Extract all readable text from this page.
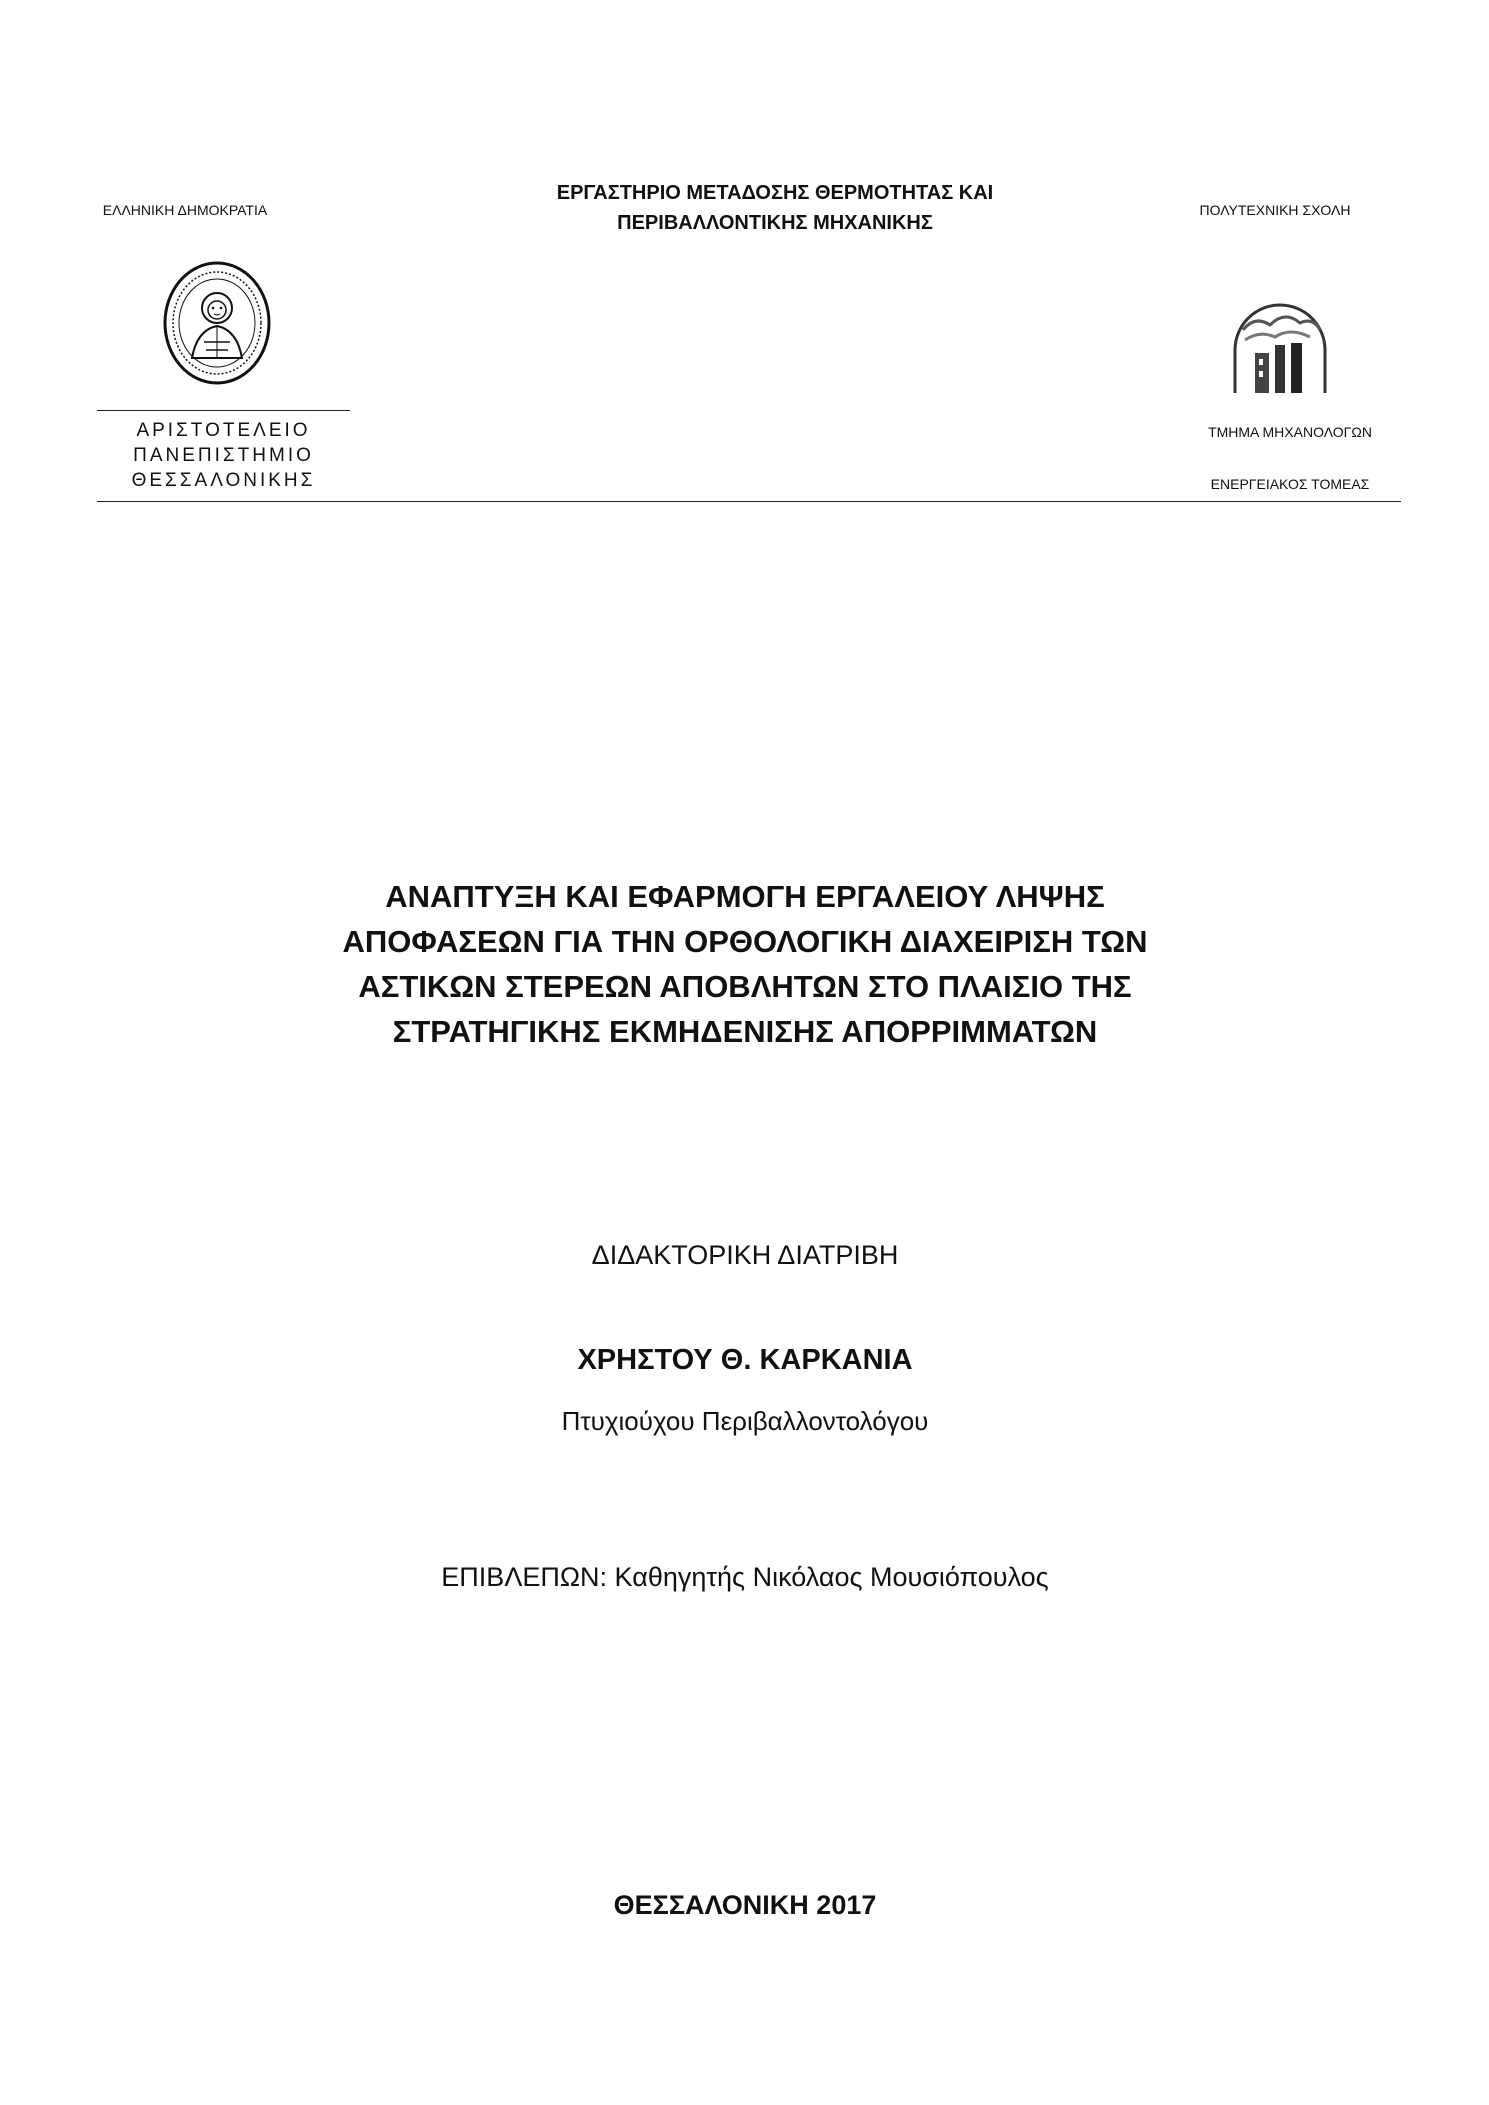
ΕΛΛΗΝΙΚΗ ΔΗΜΟΚΡΑΤΙΑ
ΕΡΓΑΣΤΗΡΙΟ ΜΕΤΑΔΟΣΗΣ ΘΕΡΜΟΤΗΤΑΣ ΚΑΙ
ΠΕΡΙΒΑΛΛΟΝΤΙΚΗΣ ΜΗΧΑΝΙΚΗΣ
ΠΟΛΥΤΕΧΝΙΚΗ ΣΧΟΛΗ
ΑΡΙΣΤΟΤΕΛΕΙΟ
ΠΑΝΕΠΙΣΤΗΜΙΟ
ΘΕΣΣΑΛΟΝΙΚΗΣ
ΤΜΗΜΑ ΜΗΧΑΝΟΛΟΓΩΝ
ΕΝΕΡΓΕΙΑΚΟΣ ΤΟΜΕΑΣ
ΑΝΑΠΤΥΞΗ ΚΑΙ ΕΦΑΡΜΟΓΗ ΕΡΓΑΛΕΙΟΥ ΛΗΨΗΣ
ΑΠΟΦΑΣΕΩΝ ΓΙΑ ΤΗΝ ΟΡΘΟΛΟΓΙΚΗ ΔΙΑΧΕΙΡΙΣΗ ΤΩΝ
ΑΣΤΙΚΩΝ ΣΤΕΡΕΩΝ ΑΠΟΒΛΗΤΩΝ ΣΤΟ ΠΛΑΙΣΙΟ ΤΗΣ
ΣΤΡΑΤΗΓΙΚΗΣ ΕΚΜΗΔΕΝΙΣΗΣ ΑΠΟΡΡΙΜΜΑΤΩΝ
ΔΙΔΑΚΤΟΡΙΚΗ ΔΙΑΤΡΙΒΗ
ΧΡΗΣΤΟΥ Θ. ΚΑΡΚΑΝΙΑ
Πτυχιούχου Περιβαλλοντολόγου
ΕΠΙΒΛΕΠΩΝ: Καθηγητής Νικόλαος Μουσιόπουλος
ΘΕΣΣΑΛΟΝΙΚΗ 2017
